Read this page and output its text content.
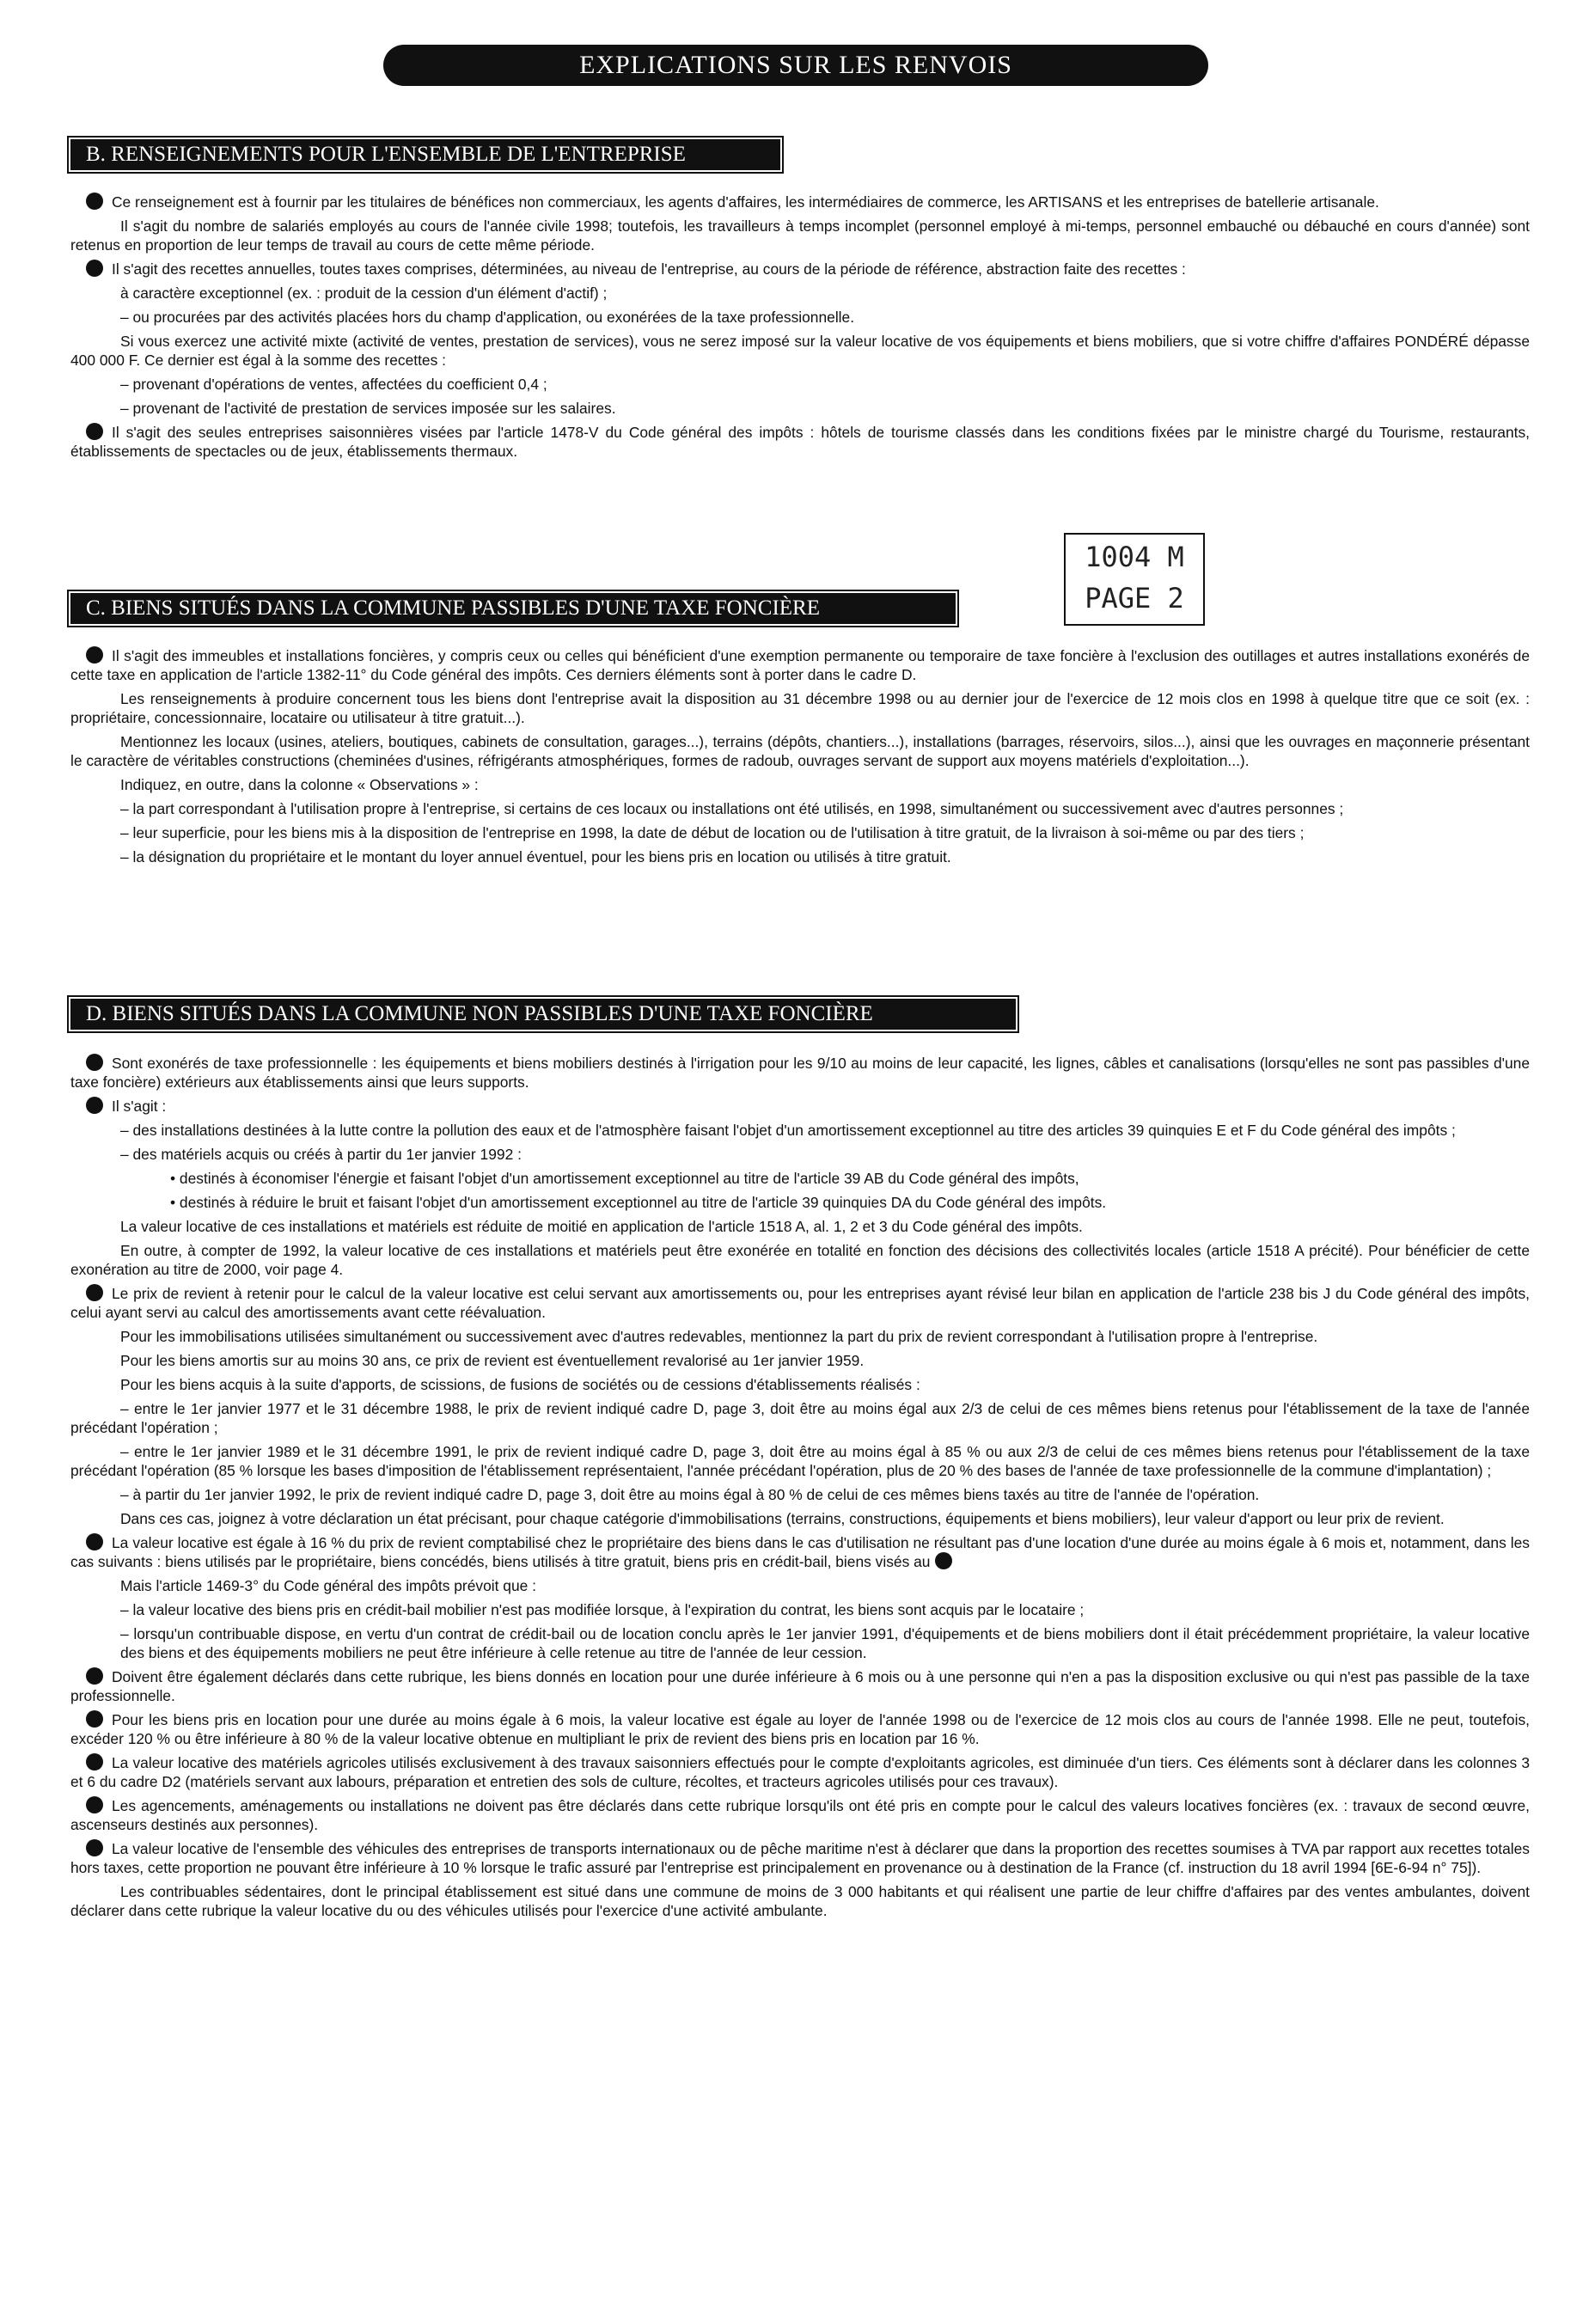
EXPLICATIONS SUR LES RENVOIS
B. RENSEIGNEMENTS POUR L'ENSEMBLE DE L'ENTREPRISE

Ce renseignement est à fournir par les titulaires de bénéfices non commerciaux, les agents d'affaires, les intermédiaires de commerce, les ARTISANS et les entreprises de batellerie artisanale.

Il s'agit du nombre de salariés employés au cours de l'année civile 1998; toutefois, les travailleurs à temps incomplet (personnel employé à mi-temps, personnel embauché ou débauché en cours d'année) sont retenus en proportion de leur temps de travail au cours de cette même période.

Il s'agit des recettes annuelles, toutes taxes comprises, déterminées, au niveau de l'entreprise, au cours de la période de référence, abstraction faite des recettes :

à caractère exceptionnel (ex. : produit de la cession d'un élément d'actif) ;

– ou procurées par des activités placées hors du champ d'application, ou exonérées de la taxe professionnelle.

Si vous exercez une activité mixte (activité de ventes, prestation de services), vous ne serez imposé sur la valeur locative de vos équipements et biens mobiliers, que si votre chiffre d'affaires PONDÉRÉ dépasse 400 000 F. Ce dernier est égal à la somme des recettes :

– provenant d'opérations de ventes, affectées du coefficient 0,4 ;

– provenant de l'activité de prestation de services imposée sur les salaires.

Il s'agit des seules entreprises saisonnières visées par l'article 1478-V du Code général des impôts : hôtels de tourisme classés dans les conditions fixées par le ministre chargé du Tourisme, restaurants, établissements de spectacles ou de jeux, établissements thermaux.

1004 M
PAGE 2
C. BIENS SITUÉS DANS LA COMMUNE PASSIBLES D'UNE TAXE FONCIÈRE

Il s'agit des immeubles et installations foncières, y compris ceux ou celles qui bénéficient d'une exemption permanente ou temporaire de taxe foncière à l'exclusion des outillages et autres installations exonérés de cette taxe en application de l'article 1382-11° du Code général des impôts. Ces derniers éléments sont à porter dans le cadre D.

Les renseignements à produire concernent tous les biens dont l'entreprise avait la disposition au 31 décembre 1998 ou au dernier jour de l'exercice de 12 mois clos en 1998 à quelque titre que ce soit (ex. : propriétaire, concessionnaire, locataire ou utilisateur à titre gratuit...).

Mentionnez les locaux (usines, ateliers, boutiques, cabinets de consultation, garages...), terrains (dépôts, chantiers...), installations (barrages, réservoirs, silos...), ainsi que les ouvrages en maçonnerie présentant le caractère de véritables constructions (cheminées d'usines, réfrigérants atmosphériques, formes de radoub, ouvrages servant de support aux moyens matériels d'exploitation...).

Indiquez, en outre, dans la colonne « Observations » :

– la part correspondant à l'utilisation propre à l'entreprise, si certains de ces locaux ou installations ont été utilisés, en 1998, simultanément ou successivement avec d'autres personnes ;

– leur superficie, pour les biens mis à la disposition de l'entreprise en 1998, la date de début de location ou de l'utilisation à titre gratuit, de la livraison à soi-même ou par des tiers ;

– la désignation du propriétaire et le montant du loyer annuel éventuel, pour les biens pris en location ou utilisés à titre gratuit.

D. BIENS SITUÉS DANS LA COMMUNE NON PASSIBLES D'UNE TAXE FONCIÈRE

Sont exonérés de taxe professionnelle : les équipements et biens mobiliers destinés à l'irrigation pour les 9/10 au moins de leur capacité, les lignes, câbles et canalisations (lorsqu'elles ne sont pas passibles d'une taxe foncière) extérieurs aux établissements ainsi que leurs supports.

Il s'agit :

– des installations destinées à la lutte contre la pollution des eaux et de l'atmosphère faisant l'objet d'un amortissement exceptionnel au titre des articles 39 quinquies E et F du Code général des impôts ;

– des matériels acquis ou créés à partir du 1er janvier 1992 :

• destinés à économiser l'énergie et faisant l'objet d'un amortissement exceptionnel au titre de l'article 39 AB du Code général des impôts,

• destinés à réduire le bruit et faisant l'objet d'un amortissement exceptionnel au titre de l'article 39 quinquies DA du Code général des impôts.

La valeur locative de ces installations et matériels est réduite de moitié en application de l'article 1518 A, al. 1, 2 et 3 du Code général des impôts.

En outre, à compter de 1992, la valeur locative de ces installations et matériels peut être exonérée en totalité en fonction des décisions des collectivités locales (article 1518 A précité). Pour bénéficier de cette exonération au titre de 2000, voir page 4.

Le prix de revient à retenir pour le calcul de la valeur locative est celui servant aux amortissements ou, pour les entreprises ayant révisé leur bilan en application de l'article 238 bis J du Code général des impôts, celui ayant servi au calcul des amortissements avant cette réévaluation.

Pour les immobilisations utilisées simultanément ou successivement avec d'autres redevables, mentionnez la part du prix de revient correspondant à l'utilisation propre à l'entreprise.

Pour les biens amortis sur au moins 30 ans, ce prix de revient est éventuellement revalorisé au 1er janvier 1959.

Pour les biens acquis à la suite d'apports, de scissions, de fusions de sociétés ou de cessions d'établissements réalisés :

– entre le 1er janvier 1977 et le 31 décembre 1988, le prix de revient indiqué cadre D, page 3, doit être au moins égal aux 2/3 de celui de ces mêmes biens retenus pour l'établissement de la taxe de l'année précédant l'opération ;

– entre le 1er janvier 1989 et le 31 décembre 1991, le prix de revient indiqué cadre D, page 3, doit être au moins égal à 85 % ou aux 2/3 de celui de ces mêmes biens retenus pour l'établissement de la taxe précédant l'opération (85 % lorsque les bases d'imposition de l'établissement représentaient, l'année précédant l'opération, plus de 20 % des bases de l'année de taxe professionnelle de la commune d'implantation) ;

– à partir du 1er janvier 1992, le prix de revient indiqué cadre D, page 3, doit être au moins égal à 80 % de celui de ces mêmes biens taxés au titre de l'année de l'opération.

Dans ces cas, joignez à votre déclaration un état précisant, pour chaque catégorie d'immobilisations (terrains, constructions, équipements et biens mobiliers), leur valeur d'apport ou leur prix de revient.

La valeur locative est égale à 16 % du prix de revient comptabilisé chez le propriétaire des biens dans le cas d'utilisation ne résultant pas d'une location d'une durée au moins égale à 6 mois et, notamment, dans les cas suivants : biens utilisés par le propriétaire, biens concédés, biens utilisés à titre gratuit, biens pris en crédit-bail, biens visés au

Mais l'article 1469-3° du Code général des impôts prévoit que :

– la valeur locative des biens pris en crédit-bail mobilier n'est pas modifiée lorsque, à l'expiration du contrat, les biens sont acquis par le locataire ;

– lorsqu'un contribuable dispose, en vertu d'un contrat de crédit-bail ou de location conclu après le 1er janvier 1991, d'équipements et de biens mobiliers dont il était précédemment propriétaire, la valeur locative des biens et des équipements mobiliers ne peut être inférieure à celle retenue au titre de l'année de leur cession.

Doivent être également déclarés dans cette rubrique, les biens donnés en location pour une durée inférieure à 6 mois ou à une personne qui n'en a pas la disposition exclusive ou qui n'est pas passible de la taxe professionnelle.

Pour les biens pris en location pour une durée au moins égale à 6 mois, la valeur locative est égale au loyer de l'année 1998 ou de l'exercice de 12 mois clos au cours de l'année 1998. Elle ne peut, toutefois, excéder 120 % ou être inférieure à 80 % de la valeur locative obtenue en multipliant le prix de revient des biens pris en location par 16 %.

La valeur locative des matériels agricoles utilisés exclusivement à des travaux saisonniers effectués pour le compte d'exploitants agricoles, est diminuée d'un tiers. Ces éléments sont à déclarer dans les colonnes 3 et 6 du cadre D2 (matériels servant aux labours, préparation et entretien des sols de culture, récoltes, et tracteurs agricoles utilisés pour ces travaux).

Les agencements, aménagements ou installations ne doivent pas être déclarés dans cette rubrique lorsqu'ils ont été pris en compte pour le calcul des valeurs locatives foncières (ex. : travaux de second œuvre, ascenseurs destinés aux personnes).

La valeur locative de l'ensemble des véhicules des entreprises de transports internationaux ou de pêche maritime n'est à déclarer que dans la proportion des recettes soumises à TVA par rapport aux recettes totales hors taxes, cette proportion ne pouvant être inférieure à 10 % lorsque le trafic assuré par l'entreprise est principalement en provenance ou à destination de la France (cf. instruction du 18 avril 1994 [6E-6-94 n° 75]).

Les contribuables sédentaires, dont le principal établissement est situé dans une commune de moins de 3 000 habitants et qui réalisent une partie de leur chiffre d'affaires par des ventes ambulantes, doivent déclarer dans cette rubrique la valeur locative du ou des véhicules utilisés pour l'exercice d'une activité ambulante.
